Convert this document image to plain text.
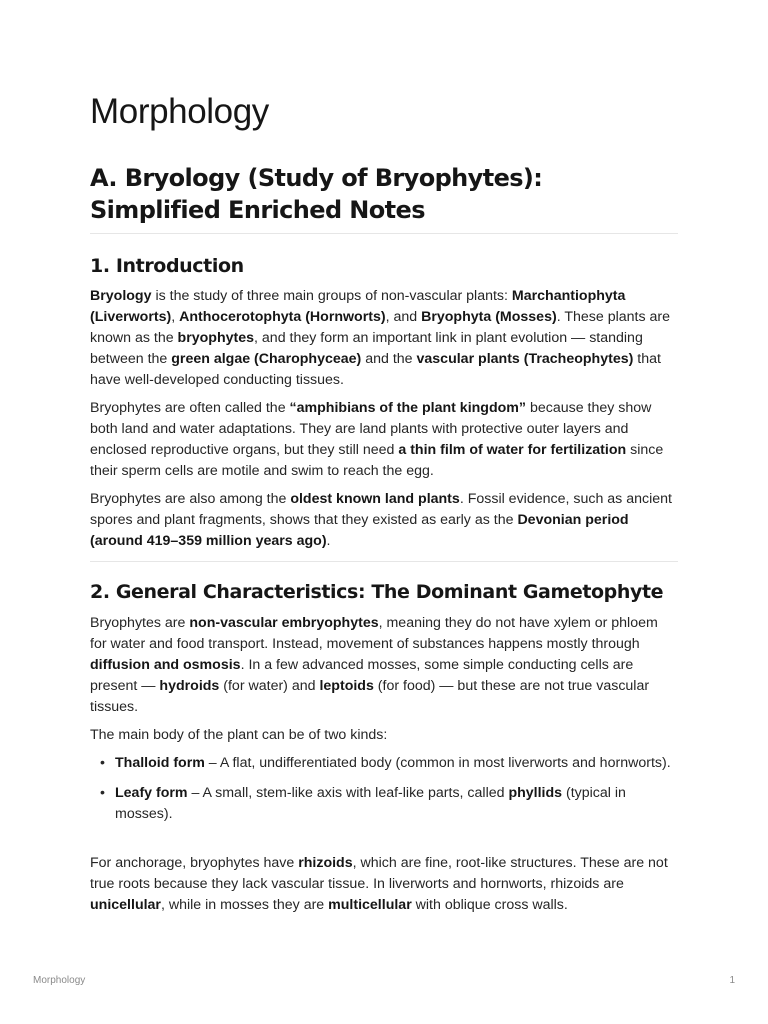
Morphology
A. Bryology (Study of Bryophytes): Simplified Enriched Notes
1. Introduction

Bryology is the study of three main groups of non-vascular plants: Marchantiophyta (Liverworts), Anthocerotophyta (Hornworts), and Bryophyta (Mosses). These plants are known as the bryophytes, and they form an important link in plant evolution — standing between the green algae (Charophyceae) and the vascular plants (Tracheophytes) that have well-developed conducting tissues.

Bryophytes are often called the “amphibians of the plant kingdom” because they show both land and water adaptations. They are land plants with protective outer layers and enclosed reproductive organs, but they still need a thin film of water for fertilization since their sperm cells are motile and swim to reach the egg.

Bryophytes are also among the oldest known land plants. Fossil evidence, such as ancient spores and plant fragments, shows that they existed as early as the Devonian period (around 419–359 million years ago).

2. General Characteristics: The Dominant Gametophyte

Bryophytes are non-vascular embryophytes, meaning they do not have xylem or phloem for water and food transport. Instead, movement of substances happens mostly through diffusion and osmosis. In a few advanced mosses, some simple conducting cells are present — hydroids (for water) and leptoids (for food) — but these are not true vascular tissues.

The main body of the plant can be of two kinds:

• Thalloid form – A flat, undifferentiated body (common in most liverworts and hornworts).
• Leafy form – A small, stem-like axis with leaf-like parts, called phyllids (typical in mosses).

For anchorage, bryophytes have rhizoids, which are fine, root-like structures. These are not true roots because they lack vascular tissue. In liverworts and hornworts, rhizoids are unicellular, while in mosses they are multicellular with oblique cross walls.

Morphology	1
